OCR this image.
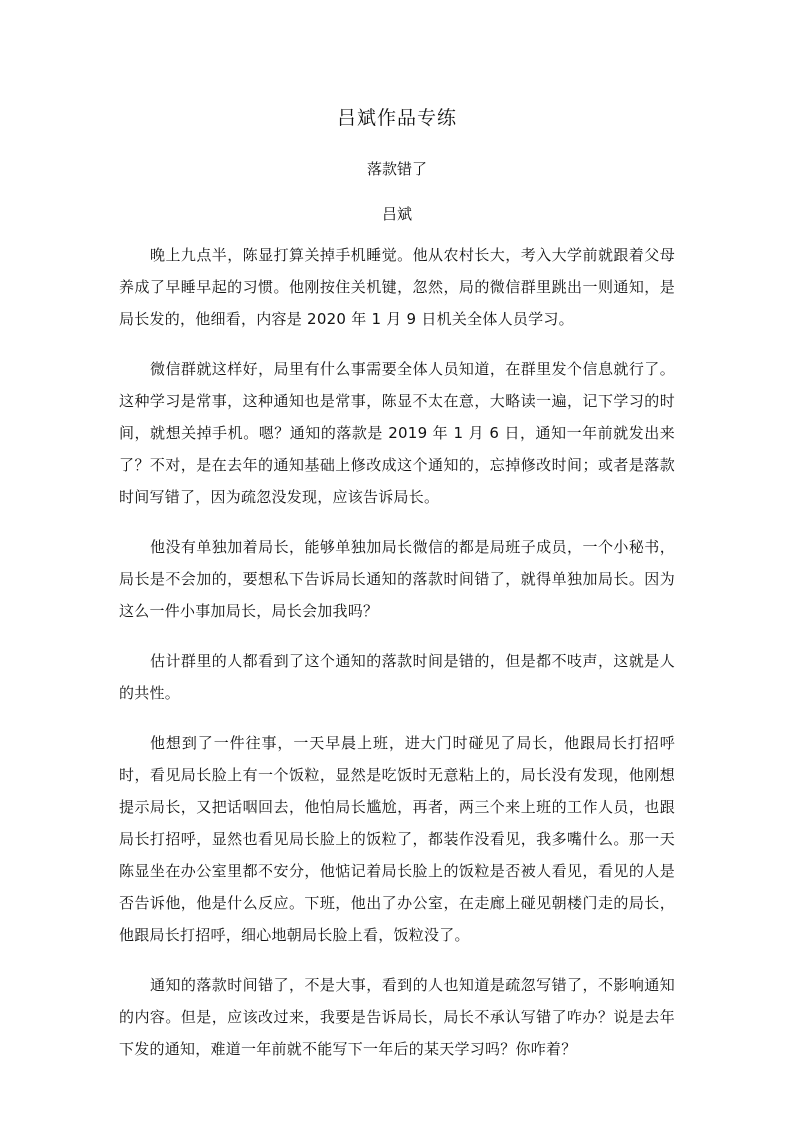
吕斌作品专练
落款错了
吕斌

晚上九点半，陈显打算关掉手机睡觉。他从农村长大，考入大学前就跟着父母养成了早睡早起的习惯。他刚按住关机键，忽然，局的微信群里跳出一则通知，是局长发的，他细看，内容是 2020 年 1 月 9 日机关全体人员学习。

微信群就这样好，局里有什么事需要全体人员知道，在群里发个信息就行了。这种学习是常事，这种通知也是常事，陈显不太在意，大略读一遍，记下学习的时间，就想关掉手机。嗯？通知的落款是 2019 年 1 月 6 日，通知一年前就发出来了？不对，是在去年的通知基础上修改成这个通知的，忘掉修改时间；或者是落款时间写错了，因为疏忽没发现，应该告诉局长。

他没有单独加着局长，能够单独加局长微信的都是局班子成员，一个小秘书，局长是不会加的，要想私下告诉局长通知的落款时间错了，就得单独加局长。因为这么一件小事加局长，局长会加我吗？

估计群里的人都看到了这个通知的落款时间是错的，但是都不吱声，这就是人的共性。

他想到了一件往事，一天早晨上班，进大门时碰见了局长，他跟局长打招呼时，看见局长脸上有一个饭粒，显然是吃饭时无意粘上的，局长没有发现，他刚想提示局长，又把话咽回去，他怕局长尴尬，再者，两三个来上班的工作人员，也跟局长打招呼，显然也看见局长脸上的饭粒了，都装作没看见，我多嘴什么。那一天陈显坐在办公室里都不安分，他惦记着局长脸上的饭粒是否被人看见，看见的人是否告诉他，他是什么反应。下班，他出了办公室，在走廊上碰见朝楼门走的局长，他跟局长打招呼，细心地朝局长脸上看，饭粒没了。

通知的落款时间错了，不是大事，看到的人也知道是疏忽写错了，不影响通知的内容。但是，应该改过来，我要是告诉局长，局长不承认写错了咋办？说是去年下发的通知，难道一年前就不能写下一年后的某天学习吗？你咋着？
